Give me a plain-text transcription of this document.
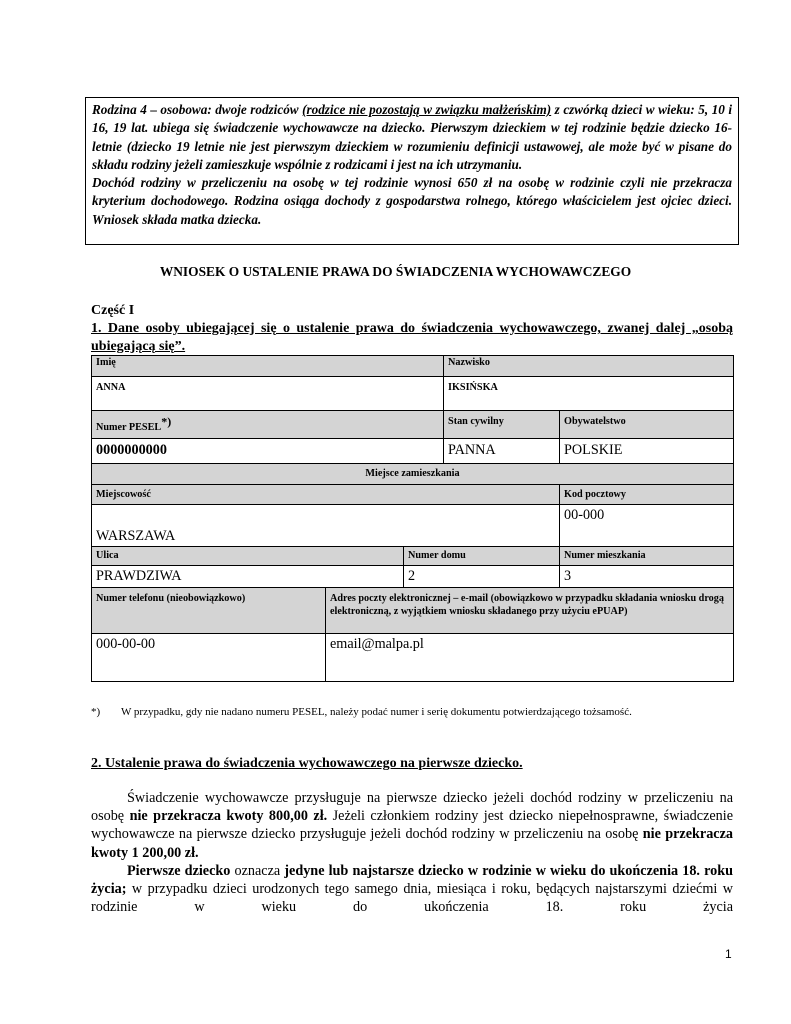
Rodzina 4 – osobowa: dwoje rodziców (rodzice nie pozostają w związku małżeńskim) z czwórką dzieci w wieku: 5, 10 i 16, 19 lat. ubiega się świadczenie wychowawcze na dziecko. Pierwszym dzieckiem w tej rodzinie będzie dziecko 16-letnie (dziecko 19 letnie nie jest pierwszym dzieckiem w rozumieniu definicji ustawowej, ale może być w pisane do składu rodziny jeżeli zamieszkuje wspólnie z rodzicami i jest na ich utrzymaniu.

Dochód rodziny w przeliczeniu na osobę w tej rodzinie wynosi 650 zł na osobę w rodzinie czyli nie przekracza kryterium dochodowego. Rodzina osiąga dochody z gospodarstwa rolnego, którego właścicielem jest ojciec dzieci. Wniosek składa matka dziecka.

WNIOSEK O USTALENIE PRAWA DO ŚWIADCZENIA WYCHOWAWCZEGO
Część I
1. Dane osoby ubiegającej się o ustalenie prawa do świadczenia wychowawczego, zwanej dalej „osobą ubiegającą się”.
Imię			Nazwisko	
ANNA			IKSIŃSKA	
Numer PESEL*)			Stan cywilny	Obywatelstwo
0000000000			PANNA	POLSKIE
Miejsce zamieszkania				
Miejscowość				Kod pocztowy
WARSZAWA				00-000
Ulica		Numer domu		Numer mieszkania
PRAWDZIWA		2		3
Numer telefonu (nieobowiązkowo)	Adres poczty elektronicznej – e-mail (obowiązkowo w przypadku składania wniosku drogą elektroniczną, z wyjątkiem wniosku składanego przy użyciu ePUAP)			
000-00-00	email@malpa.pl			
*) W przypadku, gdy nie nadano numeru PESEL, należy podać numer i serię dokumentu potwierdzającego tożsamość.
2. Ustalenie prawa do świadczenia wychowawczego na pierwsze dziecko.

Świadczenie wychowawcze przysługuje na pierwsze dziecko jeżeli dochód rodziny w przeliczeniu na osobę nie przekracza kwoty 800,00 zł. Jeżeli członkiem rodziny jest dziecko niepełnosprawne, świadczenie wychowawcze na pierwsze dziecko przysługuje jeżeli dochód rodziny w przeliczeniu na osobę nie przekracza kwoty 1 200,00 zł.

Pierwsze dziecko oznacza jedyne lub najstarsze dziecko w rodzinie w wieku do ukończenia 18. roku życia; w przypadku dzieci urodzonych tego samego dnia, miesiąca i roku, będących najstarszymi dziećmi w rodzinie w wieku do ukończenia 18. roku życia

1
